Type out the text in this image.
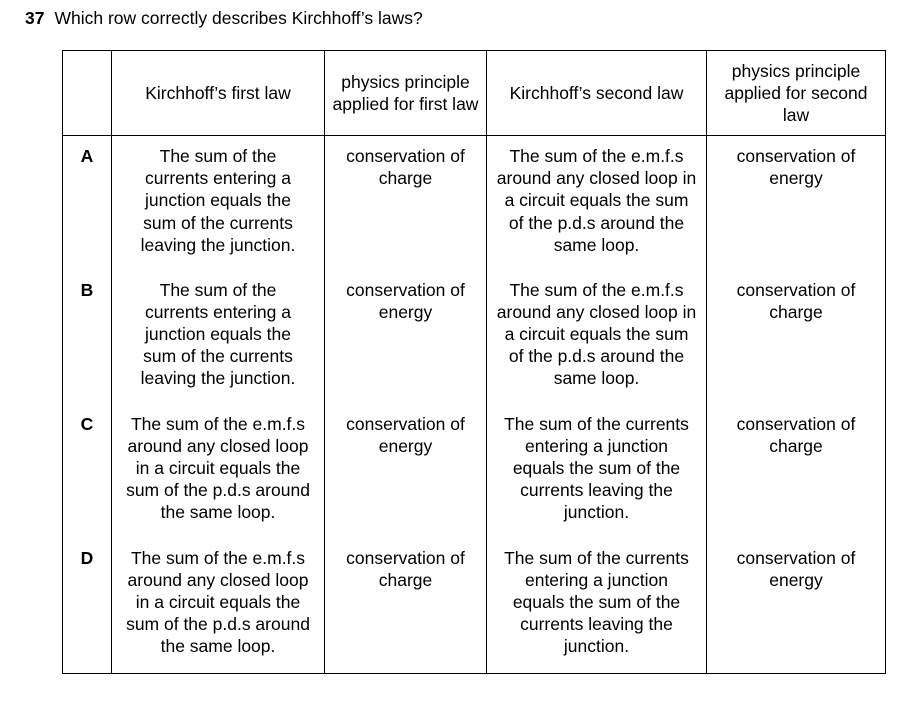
37 Which row correctly describes Kirchhoff’s laws?

	Kirchhoff’s first law	physics principle applied for first law	Kirchhoff’s second law	physics principle applied for second law

A	The sum of the currents entering a junction equals the sum of the currents leaving the junction.	conservation of charge	The sum of the e.m.f.s around any closed loop in a circuit equals the sum of the p.d.s around the same loop.	conservation of energy

B	The sum of the currents entering a junction equals the sum of the currents leaving the junction.	conservation of energy	The sum of the e.m.f.s around any closed loop in a circuit equals the sum of the p.d.s around the same loop.	conservation of charge

C	The sum of the e.m.f.s around any closed loop in a circuit equals the sum of the p.d.s around the same loop.	conservation of energy	The sum of the currents entering a junction equals the sum of the currents leaving the junction.	conservation of charge

D	The sum of the e.m.f.s around any closed loop in a circuit equals the sum of the p.d.s around the same loop.	conservation of charge	The sum of the currents entering a junction equals the sum of the currents leaving the junction.	conservation of energy
